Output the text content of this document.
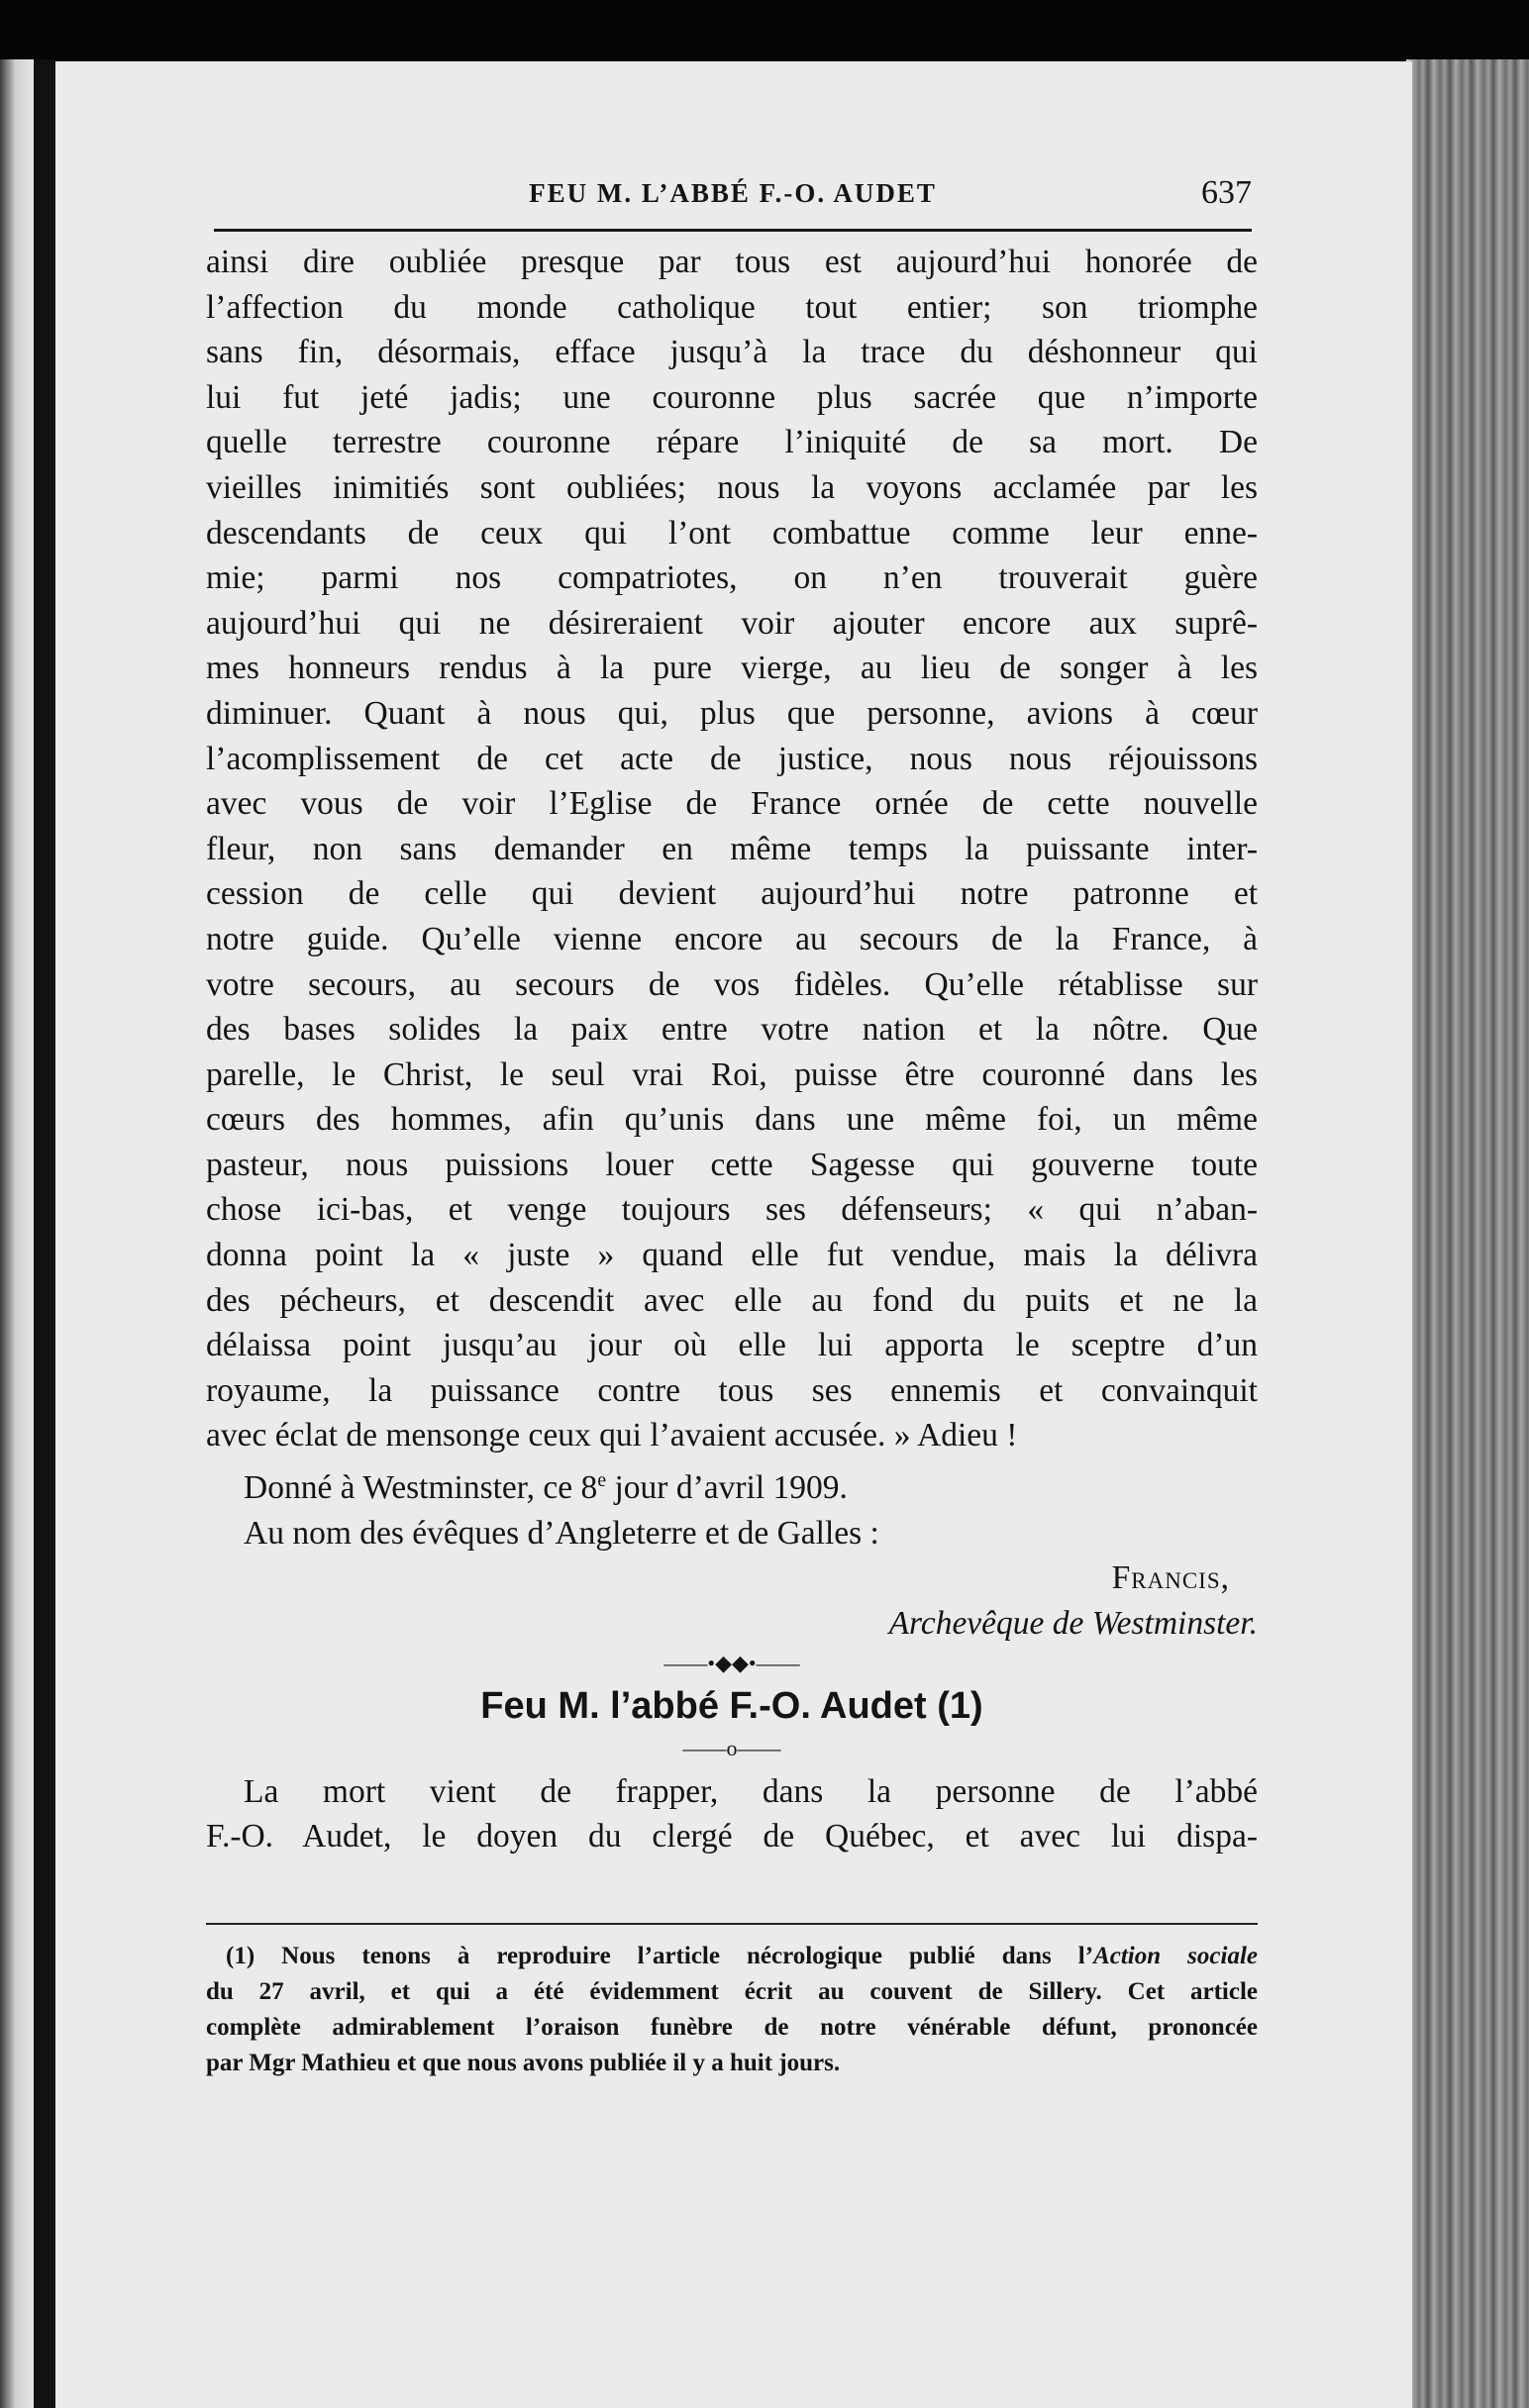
FEU M. L’ABBÉ F.-O. AUDET	637
ainsi dire oubliée presque par tous est aujourd’hui honorée de
l’affection du monde catholique tout entier; son triomphe
sans fin, désormais, efface jusqu’à la trace du déshonneur qui
lui fut jeté jadis; une couronne plus sacrée que n’importe
quelle terrestre couronne répare l’iniquité de sa mort. De
vieilles inimitiés sont oubliées; nous la voyons acclamée par les
descendants de ceux qui l’ont combattue comme leur enne-
mie; parmi nos compatriotes, on n’en trouverait guère
aujourd’hui qui ne désireraient voir ajouter encore aux suprê-
mes honneurs rendus à la pure vierge, au lieu de songer à les
diminuer. Quant à nous qui, plus que personne, avions à cœur
l’acomplissement de cet acte de justice, nous nous réjouissons
avec vous de voir l’Eglise de France ornée de cette nouvelle
fleur, non sans demander en même temps la puissante inter-
cession de celle qui devient aujourd’hui notre patronne et
notre guide. Qu’elle vienne encore au secours de la France, à
votre secours, au secours de vos fidèles. Qu’elle rétablisse sur
des bases solides la paix entre votre nation et la nôtre. Que
parelle, le Christ, le seul vrai Roi, puisse être couronné dans les
cœurs des hommes, afin qu’unis dans une même foi, un même
pasteur, nous puissions louer cette Sagesse qui gouverne toute
chose ici-bas, et venge toujours ses défenseurs; « qui n’aban-
donna point la « juste » quand elle fut vendue, mais la délivra
des pécheurs, et descendit avec elle au fond du puits et ne la
délaissa point jusqu’au jour où elle lui apporta le sceptre d’un
royaume, la puissance contre tous ses ennemis et convainquit
avec éclat de mensonge ceux qui l’avaient accusée. » Adieu !

Donné à Westminster, ce 8e jour d’avril 1909.

Au nom des évêques d’Angleterre et de Galles :

Francis,

Archevêque de Westminster.

——•◆◆•——
Feu M. l’abbé F.-O. Audet (1)
——o——
La mort vient de frapper, dans la personne de l’abbé
F.-O. Audet, le doyen du clergé de Québec, et avec lui dispa-
(1) Nous tenons à reproduire l’article nécrologique publié dans l’Action sociale
du 27 avril, et qui a été évidemment écrit au couvent de Sillery. Cet article
complète admirablement l’oraison funèbre de notre vénérable défunt, prononcée
par Mgr Mathieu et que nous avons publiée il y a huit jours.
